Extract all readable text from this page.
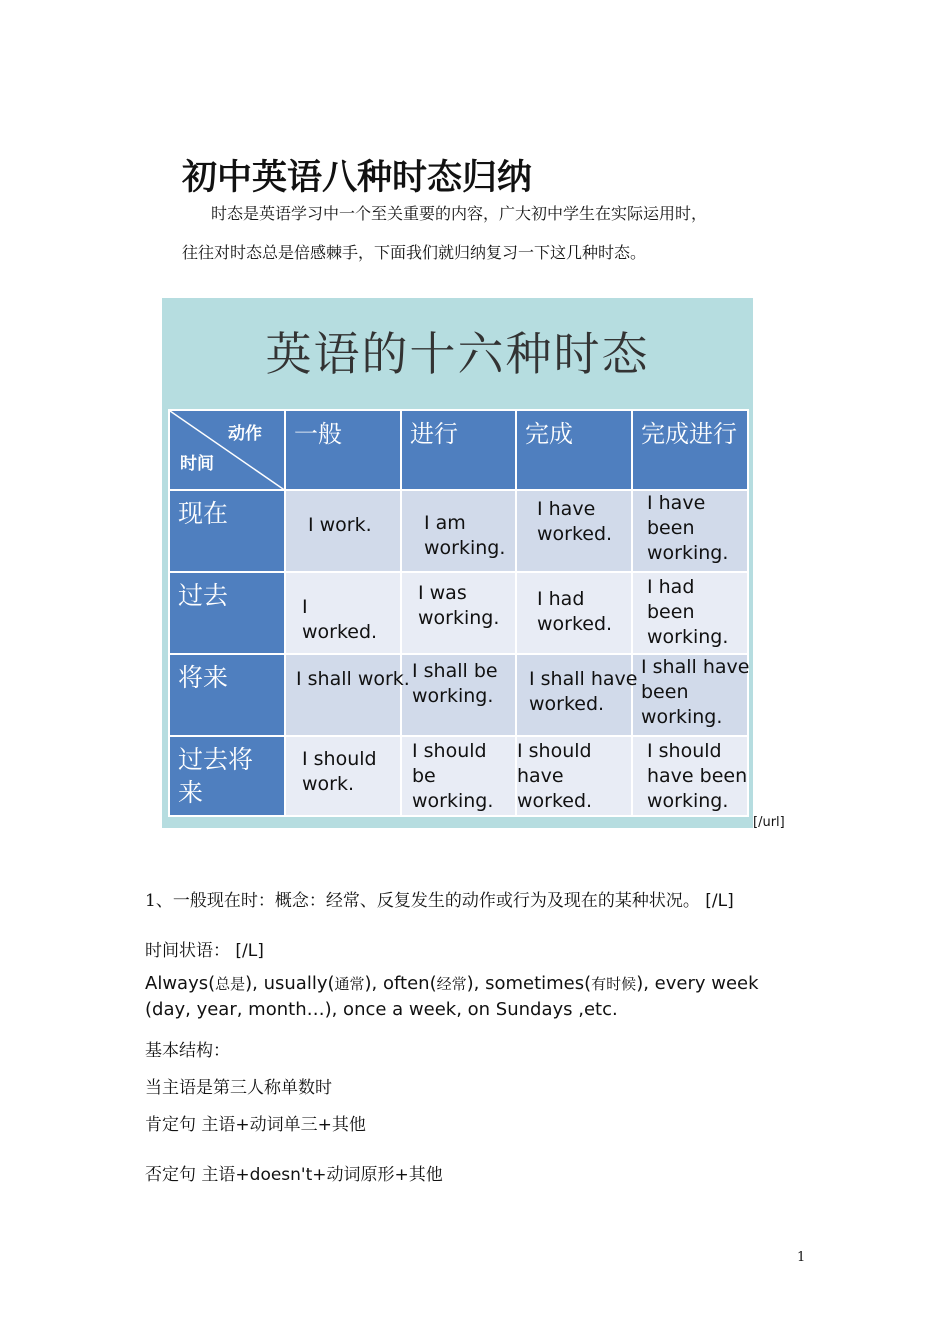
初中英语八种时态归纳
时态是英语学习中一个至关重要的内容，广大初中学生在实际运用时，
往往对时态总是倍感棘手，下面我们就归纳复习一下这几种时态。
英语的十六种时态
动作
时间	一般	进行	完成	完成进行

现在	I work.	I am working.	I have worked.	I have been working.

过去	I worked.	I was working.	I had worked.	I had been working.

将来	I shall work.	I shall be working.	I shall have worked.	I shall have been working.

过去将来	I should work.	I should be working.	I should have worked.	I should have been working.
[/url]
1、一般现在时：概念：经常、反复发生的动作或行为及现在的某种状况。 [/L]
时间状语： [/L]
Always(总是), usually(通常), often(经常), sometimes(有时候), every week (day, year, month…), once a week, on Sundays ,etc.
基本结构：
当主语是第三人称单数时
肯定句 主语+动词单三+其他
否定句 主语+doesn't+动词原形+其他
1
